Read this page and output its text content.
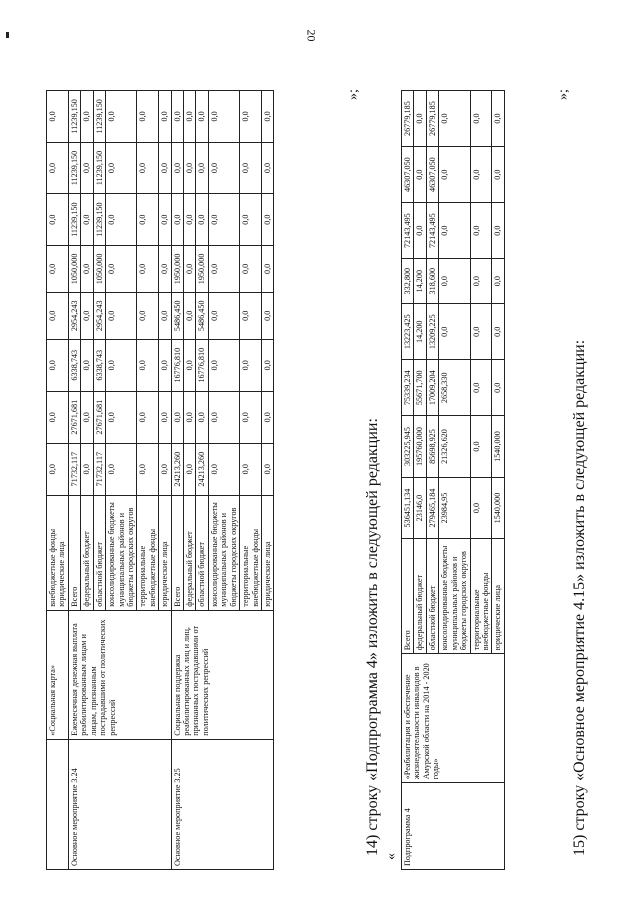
20
	«Социальная карта»	внебюджетные фонды юридические лица	0,0	0,0	0,0	0,0	0,0	0,0	0,0	0,0
Основное мероприятие 3.24	Ежемесячная денежная выплата реабилитированным лицам и лицам, признанным пострадавшими от политических репрессий	Всего	71732,117	27671,681	6338,743	2954,243	1050,000	11239,150	11239,150	11239,150
		федеральный бюджет	0,0	0,0	0,0	0,0	0,0	0,0	0,0	0,0
		областной бюджет	71732,117	27671,681	6338,743	2954,243	1050,000	11239,150	11239,150	11239,150
		консолидированные бюджеты муниципальных районов и бюджеты городских округов	0,0	0,0	0,0	0,0	0,0	0,0	0,0	0,0
		территориальные внебюджетные фонды	0,0	0,0	0,0	0,0	0,0	0,0	0,0	0,0
		юридические лица	0,0	0,0	0,0	0,0	0,0	0,0	0,0	0,0
Основное мероприятие 3.25	Социальная поддержка реабилитированных лиц и лиц, признанных пострадавшими от политических репрессий	Всего	24213,260	0,0	16776,810	5486,450	1950,000	0,0	0,0	0,0
		федеральный бюджет	0,0	0,0	0,0	0,0	0,0	0,0	0,0	0,0
		областной бюджет	24213,260	0,0	16776,810	5486,450	1950,000	0,0	0,0	0,0
		консолидированные бюджеты муниципальных районов и бюджеты городских округов	0,0	0,0	0,0	0,0	0,0	0,0	0,0	0,0
		территориальные внебюджетные фонды	0,0	0,0	0,0	0,0	0,0	0,0	0,0	0,0
		юридические лица	0,0	0,0	0,0	0,0	0,0	0,0	0,0	0,0
»;
14) строку «Подпрограмма 4» изложить в следующей редакции:
« Подпрограмма 4	«Реабилитация и обеспечение жизнедеятельности инвалидов в Амурской области на 2014 - 2020 годы»	Всего	536451,134	303225,945	75339,234	13223,425	332,800	72143,495	46307,050	26779,185
		федеральный бюджет	23146,0	195760,000	55671,700	14,200	14,200	0,0	0,0	0,0
		областной бюджет	279465,184	85698,925	17009,204	13209,225	318,600	72143,495	46307,050	26779,185
		консолидированные бюджеты муниципальных районов и бюджеты городских округов	23984,95	21326,620	2658,330	0,0	0,0	0,0	0,0	0,0
		территориальные внебюджетные фонды	0,0	0,0	0,0	0,0	0,0	0,0	0,0	0,0
		юридические лица	1540,000	1540,000	0,0	0,0	0,0	0,0	0,0	0,0
»;
15) строку «Основное мероприятие 4.15» изложить в следующей редакции:
